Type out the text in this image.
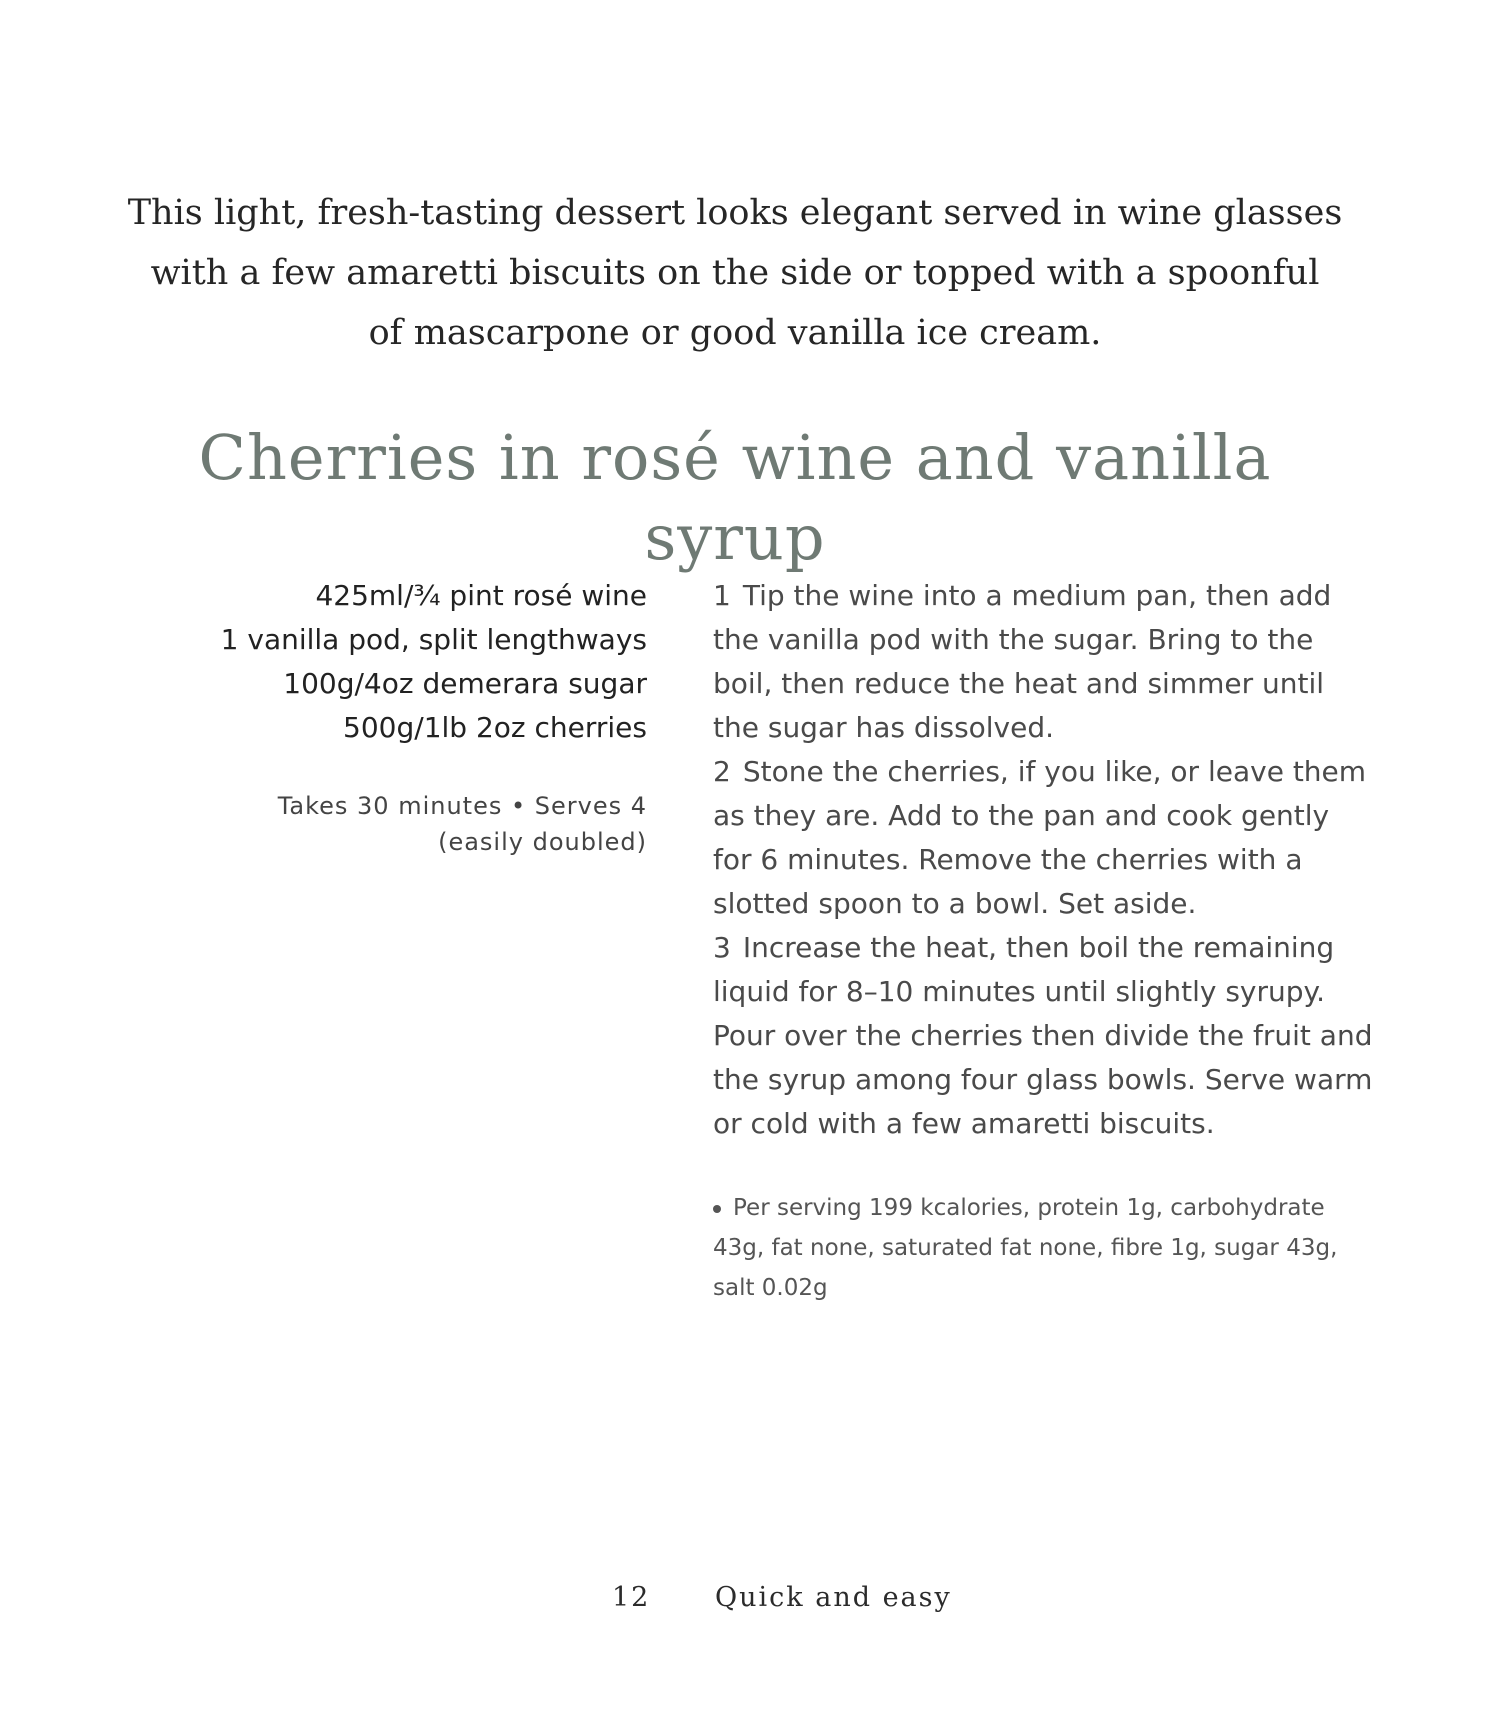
This light, fresh-tasting dessert looks elegant served in wine glasses
with a few amaretti biscuits on the side or topped with a spoonful
of mascarpone or good vanilla ice cream.
Cherries in rosé wine and vanilla syrup
425ml/¾ pint rosé wine
1 vanilla pod, split lengthways
100g/4oz demerara sugar
500g/1lb 2oz cherries
Takes 30 minutes • Serves 4
(easily doubled)

1 Tip the wine into a medium pan, then add the vanilla pod with the sugar. Bring to the boil, then reduce the heat and simmer until the sugar has dissolved.

2 Stone the cherries, if you like, or leave them as they are. Add to the pan and cook gently for 6 minutes. Remove the cherries with a slotted spoon to a bowl. Set aside.

3 Increase the heat, then boil the remaining liquid for 8–10 minutes until slightly syrupy. Pour over the cherries then divide the fruit and the syrup among four glass bowls. Serve warm or cold with a few amaretti biscuits.

Per serving 199 kcalories, protein 1g, carbohydrate 43g, fat none, saturated fat none, fibre 1g, sugar 43g, salt 0.02g

12 Quick and easy
